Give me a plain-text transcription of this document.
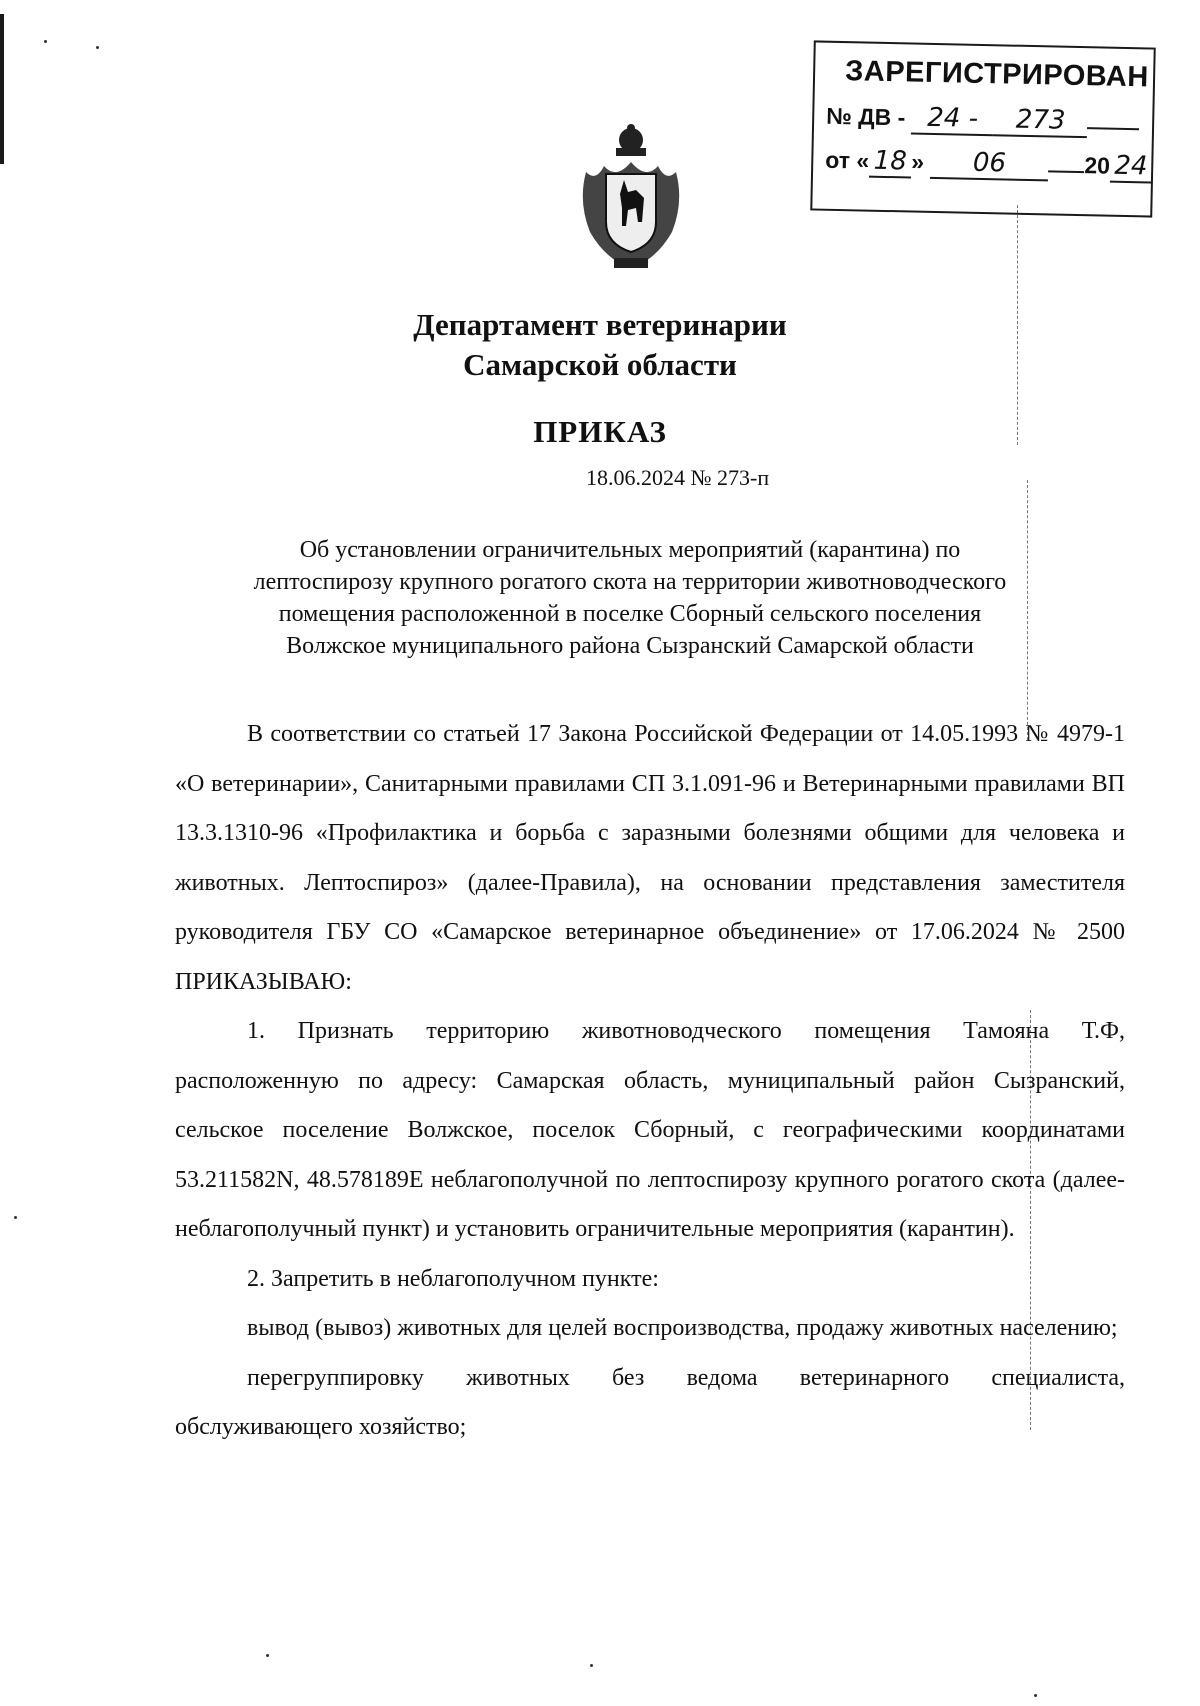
ЗАРЕГИСТРИРОВАН
№ ДВ - 24 - 273
от « 18 » 06	20 24
Департамент ветеринарии
Самарской области
ПРИКАЗ
18.06.2024 № 273-п
Об установлении ограничительных мероприятий (карантина) по
лептоспирозу крупного рогатого скота на территории животноводческого
помещения расположенной в поселке Сборный сельского поселения
Волжское муниципального района Сызранский Самарской области

В соответствии со статьей 17 Закона Российской Федерации от 14.05.1993 № 4979-1 «О ветеринарии», Санитарными правилами СП 3.1.091-96 и Ветеринарными правилами ВП 13.3.1310-96 «Профилактика и борьба с заразными болезнями общими для человека и животных. Лептоспироз» (далее-Правила), на основании представления заместителя руководителя ГБУ СО «Самарское ветеринарное объединение» от 17.06.2024 № 2500 ПРИКАЗЫВАЮ:

1. Признать территорию животноводческого помещения Тамояна Т.Ф, расположенную по адресу: Самарская область, муниципальный район Сызранский, сельское поселение Волжское, поселок Сборный, с географическими координатами 53.211582N, 48.578189E неблагополучной по лептоспирозу крупного рогатого скота (далее-неблагополучный пункт) и установить ограничительные мероприятия (карантин).

2. Запретить в неблагополучном пункте:

вывод (вывоз) животных для целей воспроизводства, продажу животных населению;

перегруппировку животных без ведома ветеринарного специалиста, обслуживающего хозяйство;
